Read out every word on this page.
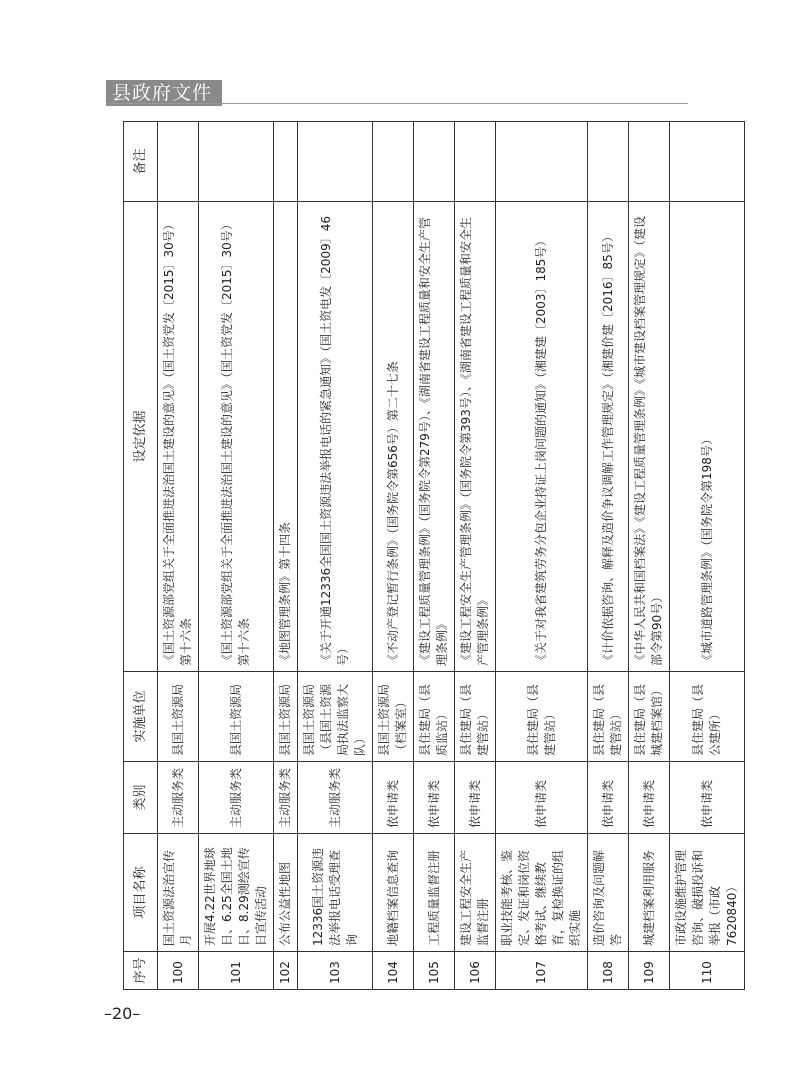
县政府文件
序号	项目名称	类别	实施单位	设定依据	备注
100	国土资源法治宣传月	主动服务类	县国土资源局	《国土资源部党组关于全面推进法治国土建设的意见》（国土资党发〔2015〕30号）第十六条	
101	开展4.22世界地球日、6.25全国土地日、8.29测绘宣传日宣传活动	主动服务类	县国土资源局	《国土资源部党组关于全面推进法治国土建设的意见》（国土资党发〔2015〕30号）第十六条	
102	公布公益性地图	主动服务类	县国土资源局	《地图管理条例》第十四条	
103	12336国土资源违法举报电话受理查询	主动服务类	县国土资源局（县国土资源局执法监察大队）	《关于开通12336全国国土资源违法举报电话的紧急通知》（国土资电发〔2009〕46号）	
104	地籍档案信息查询	依申请类	县国土资源局（档案室）	《不动产登记暂行条例》（国务院令第656号）第二十七条	
105	工程质量监督注册	依申请类	县住建局（县质监站）	《建设工程质量管理条例》（国务院令第279号）、《湖南省建设工程质量和安全生产管理条例》	
106	建设工程安全生产监督注册	依申请类	县住建局（县建管站）	《建设工程安全生产管理条例》（国务院令第393号）、《湖南省建设工程质量和安全生产管理条例》	
107	职业技能考核、鉴定、发证和岗位资格考试、继续教育，复检换证的组织实施	依申请类	县住建局（县建管站）	《关于对我省建筑劳务分包企业持证上岗问题的通知》（湘建建〔2003〕185号）	
108	造价咨询及问题解答	依申请类	县住建局（县建管站）	《计价依据咨询、解释及造价争议调解工作管理规定》（湘建价建〔2016〕85号）	
109	城建档案利用服务	依申请类	县住建局（县城建档案馆）	《中华人民共和国档案法》《建设工程质量管理条例》《城市建设档案管理规定》（建设部令第90号）	
110	市政设施维护管理咨询、破损投诉和举报（市政7620840）	依申请类	县住建局（县公建所）	《城市道路管理条例》（国务院令第198号）	
–20–
